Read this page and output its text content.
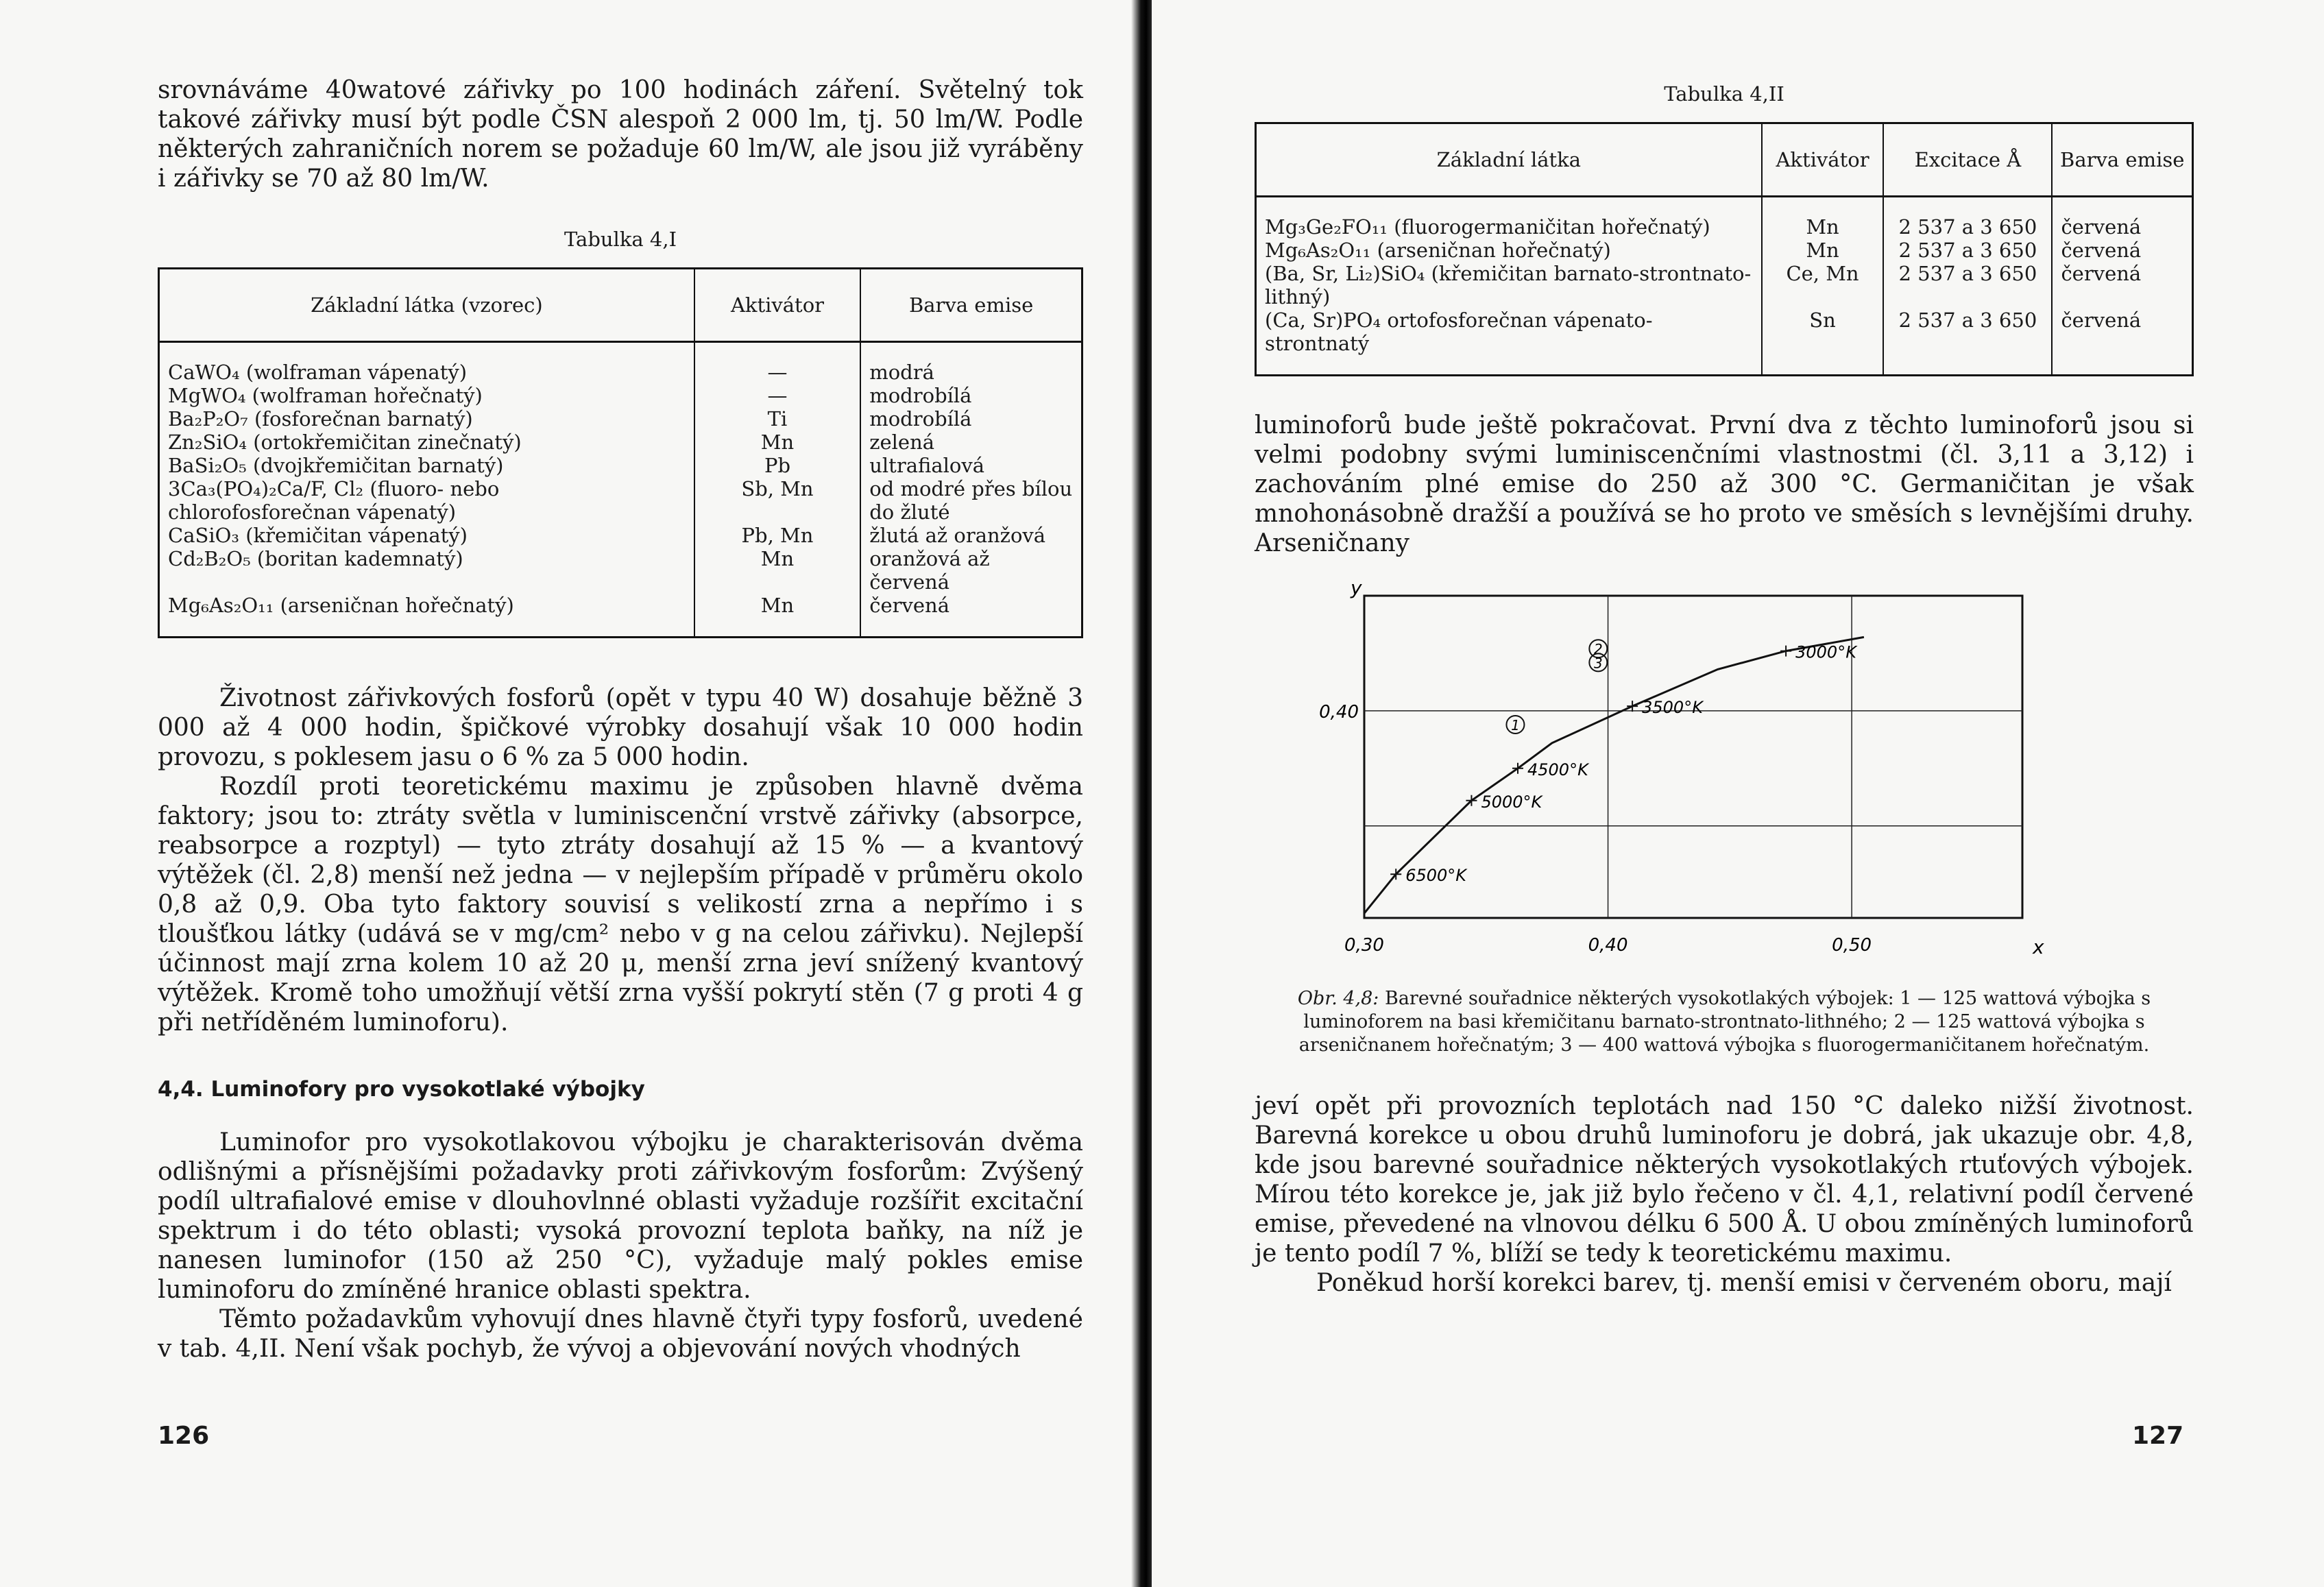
srovnáváme 40watové zářivky po 100 hodinách záření. Světelný tok takové zářivky musí být podle ČSN alespoň 2 000 lm, tj. 50 lm/W. Podle některých zahraničních norem se požaduje 60 lm/W, ale jsou již vyráběny i zářivky se 70 až 80 lm/W.

Tabulka 4,I
Základní látka (vzorec)	Aktivátor	Barva emise
CaWO₄ (wolframan vápenatý)	—	modrá
MgWO₄ (wolframan hořečnatý)	—	modrobílá
Ba₂P₂O₇ (fosforečnan barnatý)	Ti	modrobílá
Zn₂SiO₄ (ortokřemičitan zinečnatý)	Mn	zelená
BaSi₂O₅ (dvojkřemičitan barnatý)	Pb	ultrafialová
3Ca₃(PO₄)₂Ca/F, Cl₂ (fluoro- nebo chlorofosforečnan vápenatý)	Sb, Mn	od modré přes bílou do žluté
CaSiO₃ (křemičitan vápenatý)	Pb, Mn	žlutá až oranžová
Cd₂B₂O₅ (boritan kademnatý)	Mn	oranžová až červená
Mg₆As₂O₁₁ (arseničnan hořečnatý)	Mn	červená

Životnost zářivkových fosforů (opět v typu 40 W) dosahuje běžně 3 000 až 4 000 hodin, špičkové výrobky dosahují však 10 000 hodin provozu, s poklesem jasu o 6 % za 5 000 hodin.

Rozdíl proti teoretickému maximu je způsoben hlavně dvěma faktory; jsou to: ztráty světla v luminiscenční vrstvě zářivky (absorpce, reabsorpce a rozptyl) — tyto ztráty dosahují až 15 % — a kvantový výtěžek (čl. 2,8) menší než jedna — v nejlepším případě v průměru okolo 0,8 až 0,9. Oba tyto faktory souvisí s velikostí zrna a nepřímo i s tloušťkou látky (udává se v mg/cm² nebo v g na celou zářivku). Nejlepší účinnost mají zrna kolem 10 až 20 μ, menší zrna jeví snížený kvantový výtěžek. Kromě toho umožňují větší zrna vyšší pokrytí stěn (7 g proti 4 g při netříděném luminoforu).

4,4. Luminofory pro vysokotlaké výbojky

Luminofor pro vysokotlakovou výbojku je charakterisován dvěma odlišnými a přísnějšími požadavky proti zářivkovým fosforům: Zvýšený podíl ultrafialové emise v dlouhovlnné oblasti vyžaduje rozšířit excitační spektrum i do této oblasti; vysoká provozní teplota baňky, na níž je nanesen luminofor (150 až 250 °C), vyžaduje malý pokles emise luminoforu do zmíněné hranice oblasti spektra.

Těmto požadavkům vyhovují dnes hlavně čtyři typy fosforů, uvedené v tab. 4,II. Není však pochyb, že vývoj a objevování nových vhodných

126
Tabulka 4,II
Základní látka	Aktivátor	Excitace Å	Barva emise
Mg₃Ge₂FO₁₁ (fluorogermaničitan hořečnatý)	Mn	2 537 a 3 650	červená
Mg₆As₂O₁₁ (arseničnan hořečnatý)	Mn	2 537 a 3 650	červená
(Ba, Sr, Li₂)SiO₄ (křemičitan barnato-strontnato-lithný)	Ce, Mn	2 537 a 3 650	červená
(Ca, Sr)PO₄ ortofosforečnan vápenato-strontnatý	Sn	2 537 a 3 650	červená

luminoforů bude ještě pokračovat. První dva z těchto luminoforů jsou si velmi podobny svými luminiscenčními vlastnostmi (čl. 3,11 a 3,12) i zachováním plné emise do 250 až 300 °C. Germaničitan je však mnohonásobně dražší a používá se ho proto ve směsích s levnějšími druhy. Arseničnany

0,30	0,40	0,50
0,40
x
y
6500°K
5000°K
4500°K
3500°K
3000°K
1
2
3
Obr. 4,8: Barevné souřadnice některých vysokotlakých výbojek: 1 — 125 wattová výbojka s luminoforem na basi křemičitanu barnato-strontnato-lithného; 2 — 125 wattová výbojka s arseničnanem hořečnatým; 3 — 400 wattová výbojka s fluorogermaničitanem hořečnatým.

jeví opět při provozních teplotách nad 150 °C daleko nižší životnost. Barevná korekce u obou druhů luminoforu je dobrá, jak ukazuje obr. 4,8, kde jsou barevné souřadnice některých vysokotlakých rtuťových výbojek. Mírou této korekce je, jak již bylo řečeno v čl. 4,1, relativní podíl červené emise, převedené na vlnovou délku 6 500 Å. U obou zmíněných luminoforů je tento podíl 7 %, blíží se tedy k teoretickému maximu.

Poněkud horší korekci barev, tj. menší emisi v červeném oboru, mají

127
